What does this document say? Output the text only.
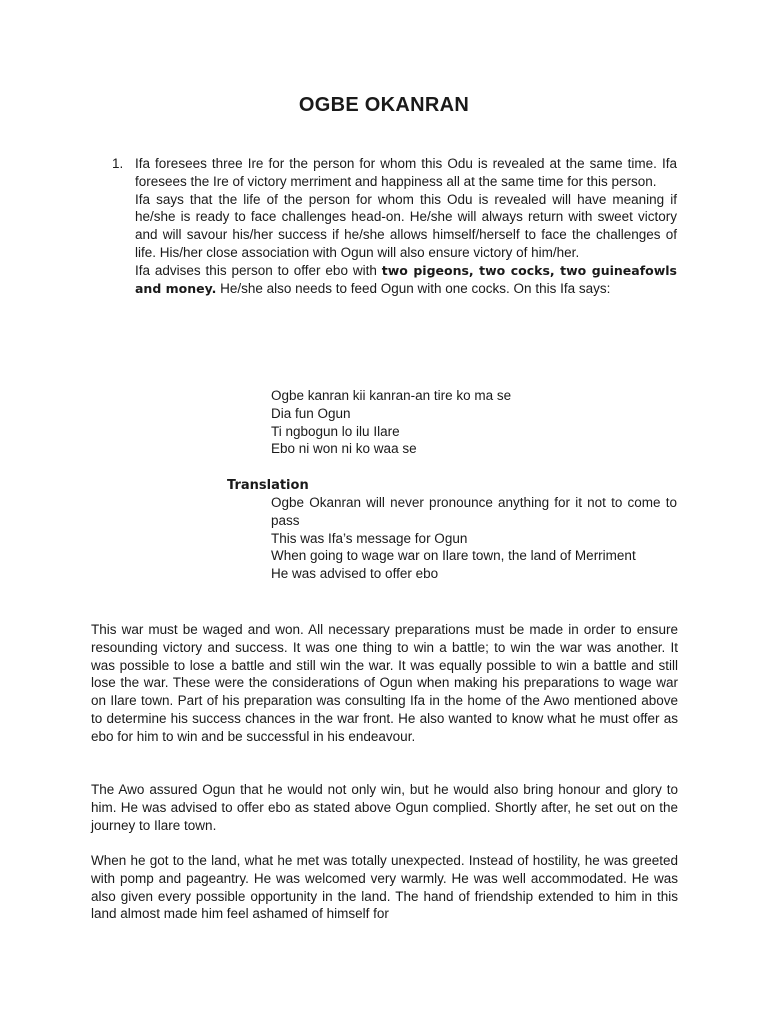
OGBE OKANRAN
1. Ifa foresees three Ire for the person for whom this Odu is revealed at the same time. Ifa foresees the Ire of victory merriment and happiness all at the same time for this person.

Ifa says that the life of the person for whom this Odu is revealed will have meaning if he/she is ready to face challenges head-on. He/she will always return with sweet victory and will savour his/her success if he/she allows himself/herself to face the challenges of life. His/her close association with Ogun will also ensure victory of him/her.

Ifa advises this person to offer ebo with two pigeons, two cocks, two guineafowls and money. He/she also needs to feed Ogun with one cocks. On this Ifa says:

Ogbe kanran kii kanran-an tire ko ma se

Dia fun Ogun

Ti ngbogun lo ilu Ilare

Ebo ni won ni ko waa se

Translation

Ogbe Okanran will never pronounce anything for it not to come to pass

This was Ifa’s message for Ogun

When going to wage war on Ilare town, the land of Merriment

He was advised to offer ebo

This war must be waged and won. All necessary preparations must be made in order to ensure resounding victory and success. It was one thing to win a battle; to win the war was another. It was possible to lose a battle and still win the war. It was equally possible to win a battle and still lose the war. These were the considerations of Ogun when making his preparations to wage war on Ilare town. Part of his preparation was consulting Ifa in the home of the Awo mentioned above to determine his success chances in the war front. He also wanted to know what he must offer as ebo for him to win and be successful in his endeavour.

The Awo assured Ogun that he would not only win, but he would also bring honour and glory to him. He was advised to offer ebo as stated above Ogun complied. Shortly after, he set out on the journey to Ilare town.

When he got to the land, what he met was totally unexpected. Instead of hostility, he was greeted with pomp and pageantry. He was welcomed very warmly. He was well accommodated. He was also given every possible opportunity in the land. The hand of friendship extended to him in this land almost made him feel ashamed of himself for
